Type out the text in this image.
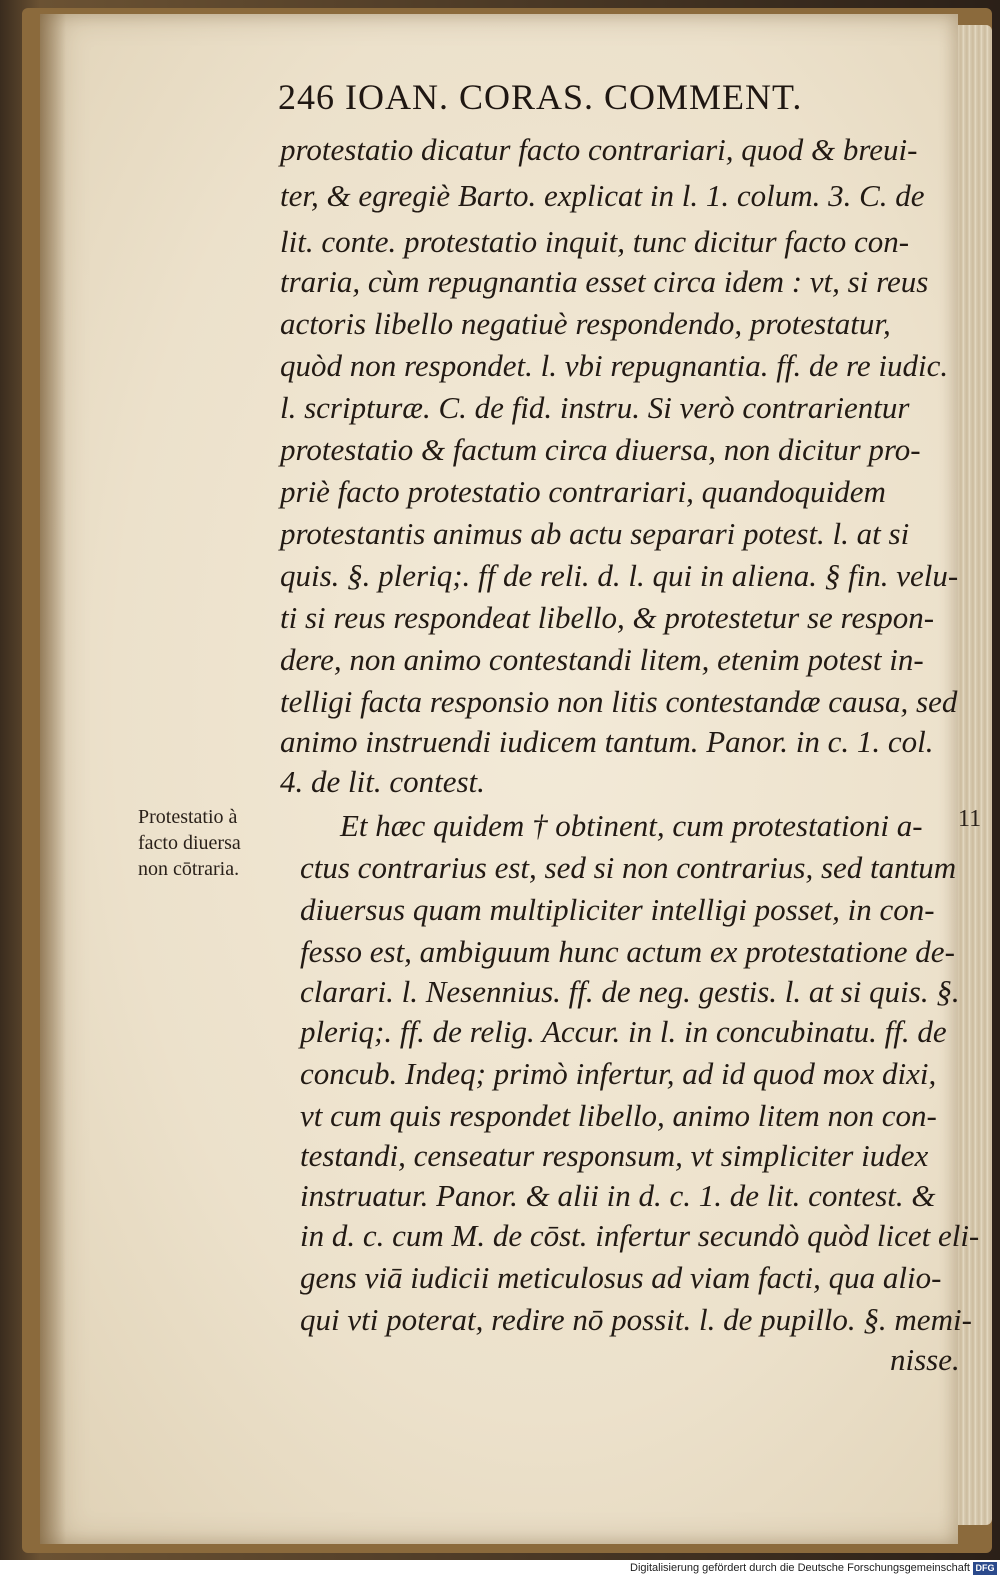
246 IOAN. CORAS. COMMENT.
protestatio dicatur facto contrariari, quod & breui-
ter, & egregiè Barto. explicat in l. 1. colum. 3. C. de
lit. conte. protestatio inquit, tunc dicitur facto con-
traria, cùm repugnantia esset circa idem : vt, si reus
actoris libello negatiuè respondendo, protestatur,
quòd non respondet. l. vbi repugnantia. ff. de re iudic.
l. scripturæ. C. de fid. instru. Si verò contrarientur
protestatio & factum circa diuersa, non dicitur pro-
priè facto protestatio contrariari, quandoquidem
protestantis animus ab actu separari potest. l. at si
quis. §. pleriq;. ff de reli. d. l. qui in aliena. § fin. velu-
ti si reus respondeat libello, & protestetur se respon-
dere, non animo contestandi litem, etenim potest in-
telligi facta responsio non litis contestandæ causa, sed
animo instruendi iudicem tantum. Panor. in c. 1. col.
4. de lit. contest.
Protestatio à
facto diuersa
non cōtraria.
11
Et hæc quidem † obtinent, cum protestationi a-
ctus contrarius est, sed si non contrarius, sed tantum
diuersus quam multipliciter intelligi posset, in con-
fesso est, ambiguum hunc actum ex protestatione de-
clarari. l. Nesennius. ff. de neg. gestis. l. at si quis. §.
pleriq;. ff. de relig. Accur. in l. in concubinatu. ff. de
concub. Indeq; primò infertur, ad id quod mox dixi,
vt cum quis respondet libello, animo litem non con-
testandi, censeatur responsum, vt simpliciter iudex
instruatur. Panor. & alii in d. c. 1. de lit. contest. &
in d. c. cum M. de cōst. infertur secundò quòd licet eli-
gens viā iudicii meticulosus ad viam facti, qua alio-
qui vti poterat, redire nō possit. l. de pupillo. §. memi-
nisse.
Digitalisierung gefördert durch die Deutsche Forschungsgemeinschaft DFG
